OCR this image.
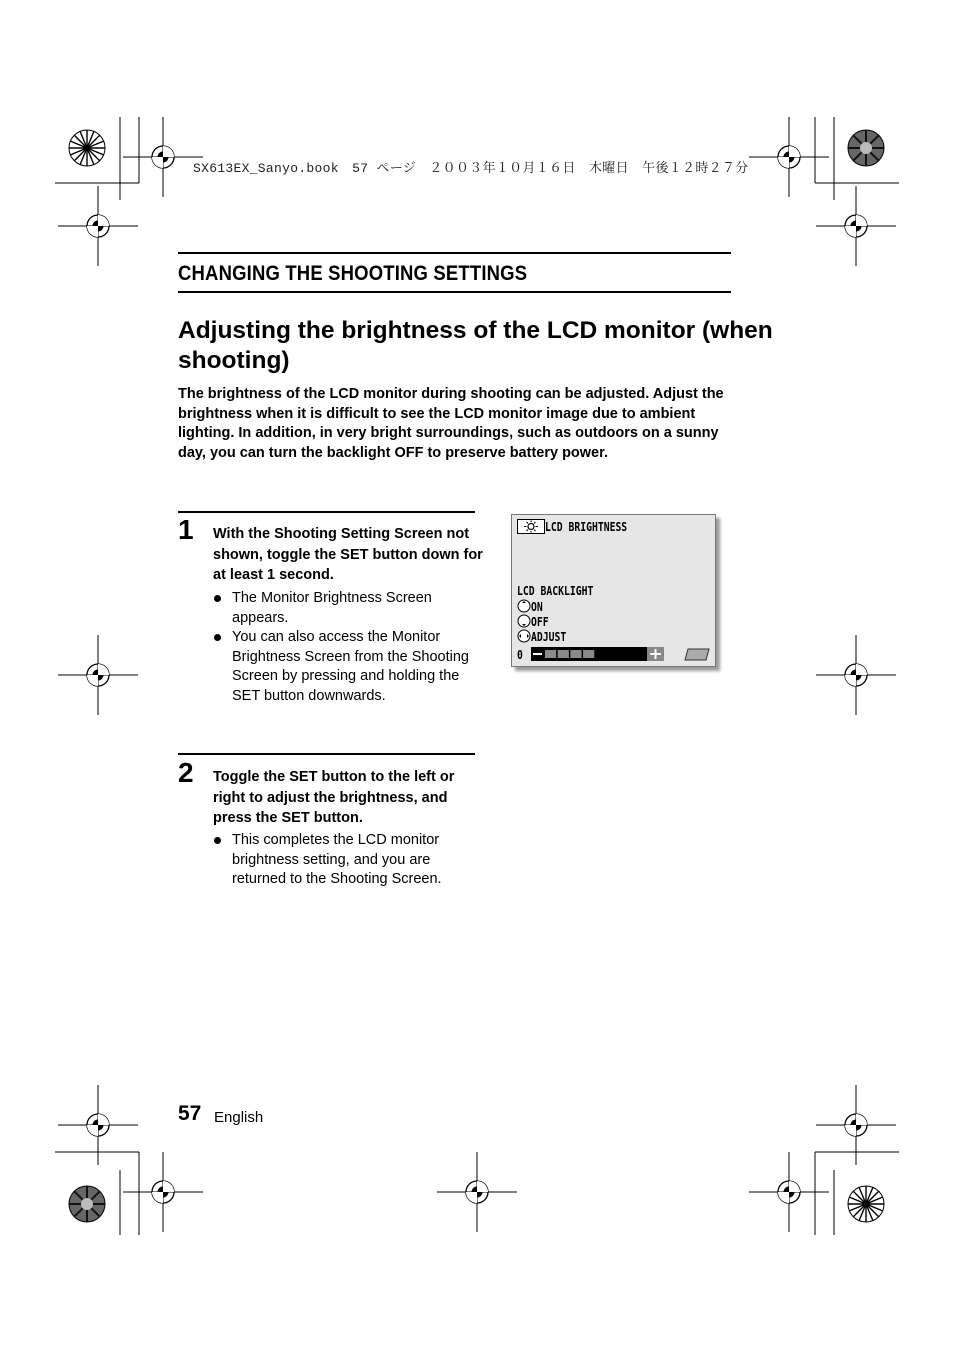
SX613EX_Sanyo.book　57 ページ　２００３年１０月１６日　木曜日　午後１２時２７分
CHANGING THE SHOOTING SETTINGS
Adjusting the brightness of the LCD monitor (when shooting)
The brightness of the LCD monitor during shooting can be adjusted. Adjust the brightness when it is difficult to see the LCD monitor image due to ambient lighting. In addition, in very bright surroundings, such as outdoors on a sunny day, you can turn the backlight OFF to preserve battery power.
1 With the Shooting Setting Screen not shown, toggle the SET button down for at least 1 second.
The Monitor Brightness Screen appears.
You can also access the Monitor Brightness Screen from the Shooting Screen by pressing and holding the SET button downwards.
2 Toggle the SET button to the left or right to adjust the brightness, and press the SET button.
This completes the LCD monitor brightness setting, and you are returned to the Shooting Screen.
LCD BRIGHTNESS
LCD BACKLIGHT
ON
OFF
ADJUST
0
57 English
